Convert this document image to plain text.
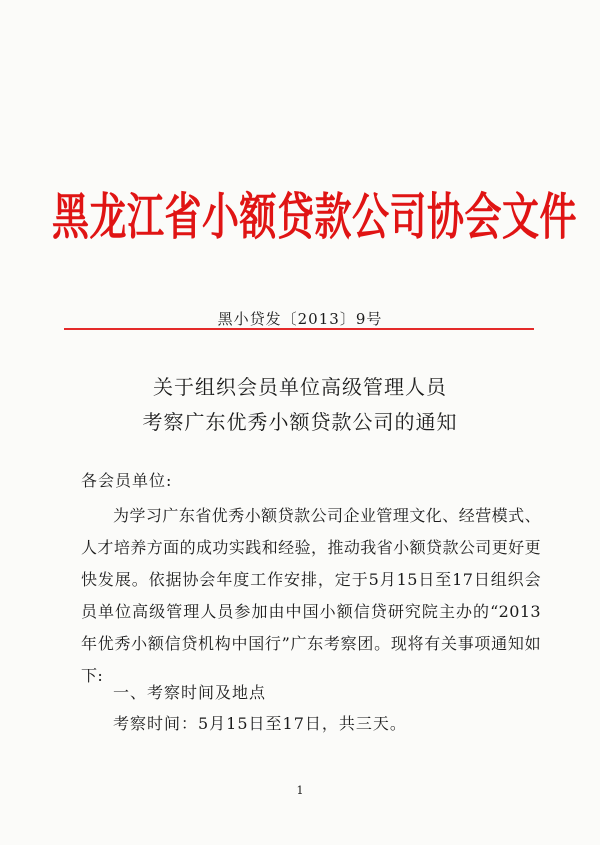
黑龙江省小额贷款公司协会文件
黑小贷发〔2013〕9号
关于组织会员单位高级管理人员
考察广东优秀小额贷款公司的通知
各会员单位:

为学习广东省优秀小额贷款公司企业管理文化、经营模式、人才培养方面的成功实践和经验，推动我省小额贷款公司更好更快发展。依据协会年度工作安排，定于5月15日至17日组织会员单位高级管理人员参加由中国小额信贷研究院主办的“2013年优秀小额信贷机构中国行”广东考察团。现将有关事项通知如下:

一、考察时间及地点
考察时间：5月15日至17日，共三天。
1
